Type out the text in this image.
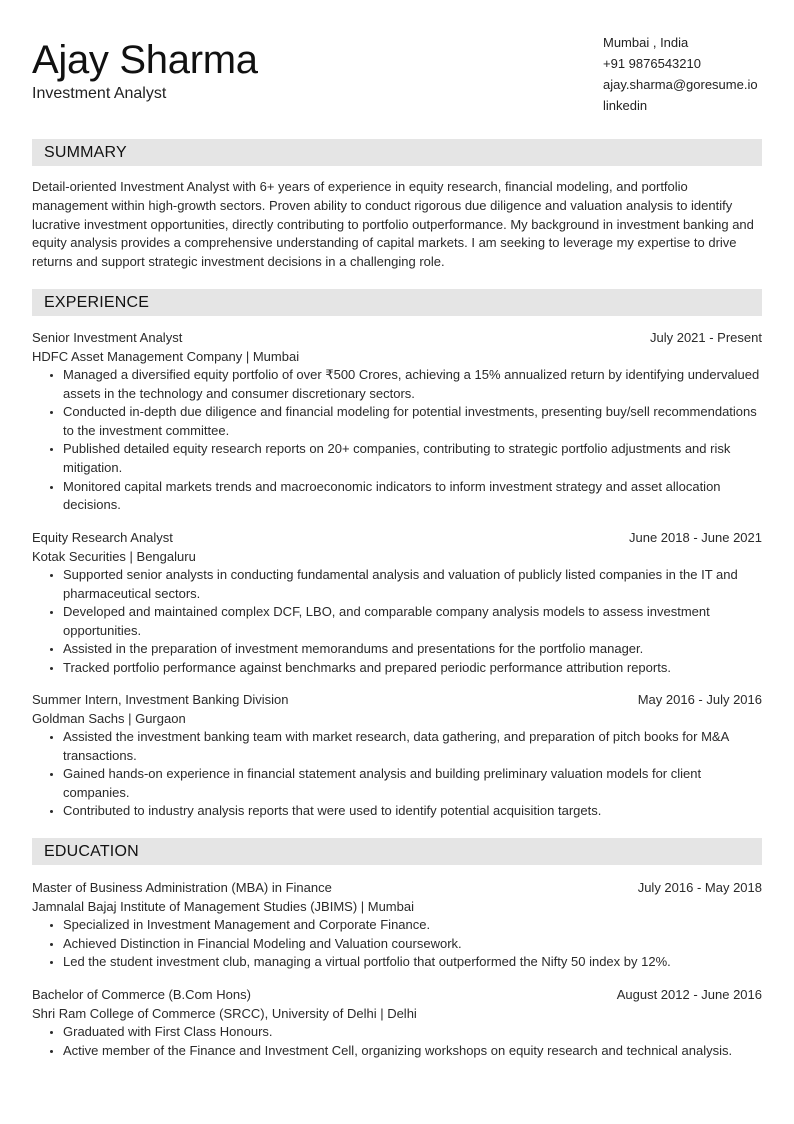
Ajay Sharma
Investment Analyst
Mumbai , India
+91 9876543210
ajay.sharma@goresume.io
linkedin
SUMMARY
Detail-oriented Investment Analyst with 6+ years of experience in equity research, financial modeling, and portfolio management within high-growth sectors. Proven ability to conduct rigorous due diligence and valuation analysis to identify lucrative investment opportunities, directly contributing to portfolio outperformance. My background in investment banking and equity analysis provides a comprehensive understanding of capital markets. I am seeking to leverage my expertise to drive returns and support strategic investment decisions in a challenging role.
EXPERIENCE
Senior Investment Analyst	July 2021 - Present
HDFC Asset Management Company | Mumbai
• Managed a diversified equity portfolio of over ₹500 Crores, achieving a 15% annualized return by identifying undervalued assets in the technology and consumer discretionary sectors.
• Conducted in-depth due diligence and financial modeling for potential investments, presenting buy/sell recommendations to the investment committee.
• Published detailed equity research reports on 20+ companies, contributing to strategic portfolio adjustments and risk mitigation.
• Monitored capital markets trends and macroeconomic indicators to inform investment strategy and asset allocation decisions.
Equity Research Analyst	June 2018 - June 2021
Kotak Securities | Bengaluru
• Supported senior analysts in conducting fundamental analysis and valuation of publicly listed companies in the IT and pharmaceutical sectors.
• Developed and maintained complex DCF, LBO, and comparable company analysis models to assess investment opportunities.
• Assisted in the preparation of investment memorandums and presentations for the portfolio manager.
• Tracked portfolio performance against benchmarks and prepared periodic performance attribution reports.
Summer Intern, Investment Banking Division	May 2016 - July 2016
Goldman Sachs | Gurgaon
• Assisted the investment banking team with market research, data gathering, and preparation of pitch books for M&A transactions.
• Gained hands-on experience in financial statement analysis and building preliminary valuation models for client companies.
• Contributed to industry analysis reports that were used to identify potential acquisition targets.
EDUCATION
Master of Business Administration (MBA) in Finance	July 2016 - May 2018
Jamnalal Bajaj Institute of Management Studies (JBIMS) | Mumbai
• Specialized in Investment Management and Corporate Finance.
• Achieved Distinction in Financial Modeling and Valuation coursework.
• Led the student investment club, managing a virtual portfolio that outperformed the Nifty 50 index by 12%.
Bachelor of Commerce (B.Com Hons)	August 2012 - June 2016
Shri Ram College of Commerce (SRCC), University of Delhi | Delhi
• Graduated with First Class Honours.
• Active member of the Finance and Investment Cell, organizing workshops on equity research and technical analysis.
